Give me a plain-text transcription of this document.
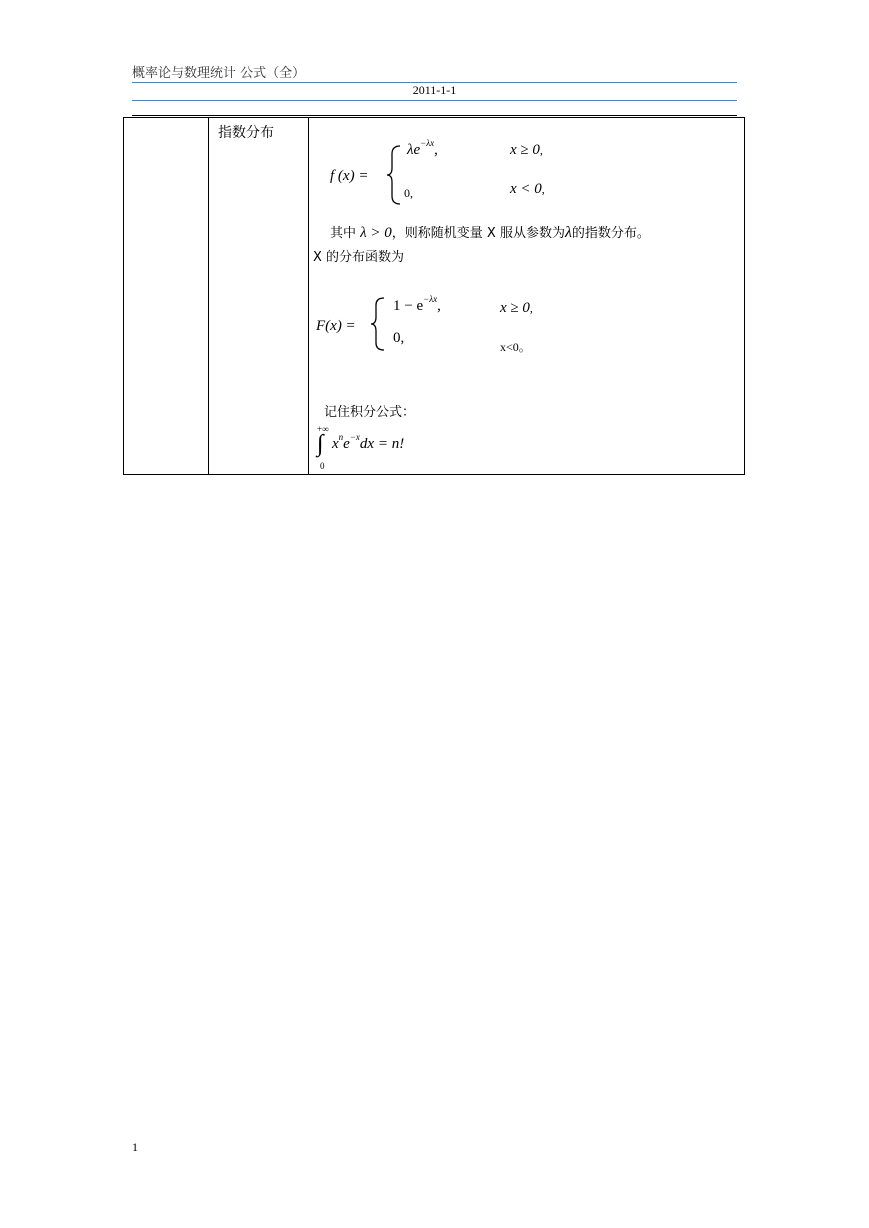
概率论与数理统计 公式（全）
2011-1-1
指数分布
f (x) =
$\lambda e^{-\lambda x}$,	x ≥ 0,
0,	x < 0,
其中 λ > 0，则称随机变量 X 服从参数为λ的指数分布。
X 的分布函数为
F(x) =
$1 - e^{-\lambda x}$,	x ≥ 0,
0,
x<0。
记住积分公式：
+∞
∫
0
$x^ne^{-x}dx = n$!
1
